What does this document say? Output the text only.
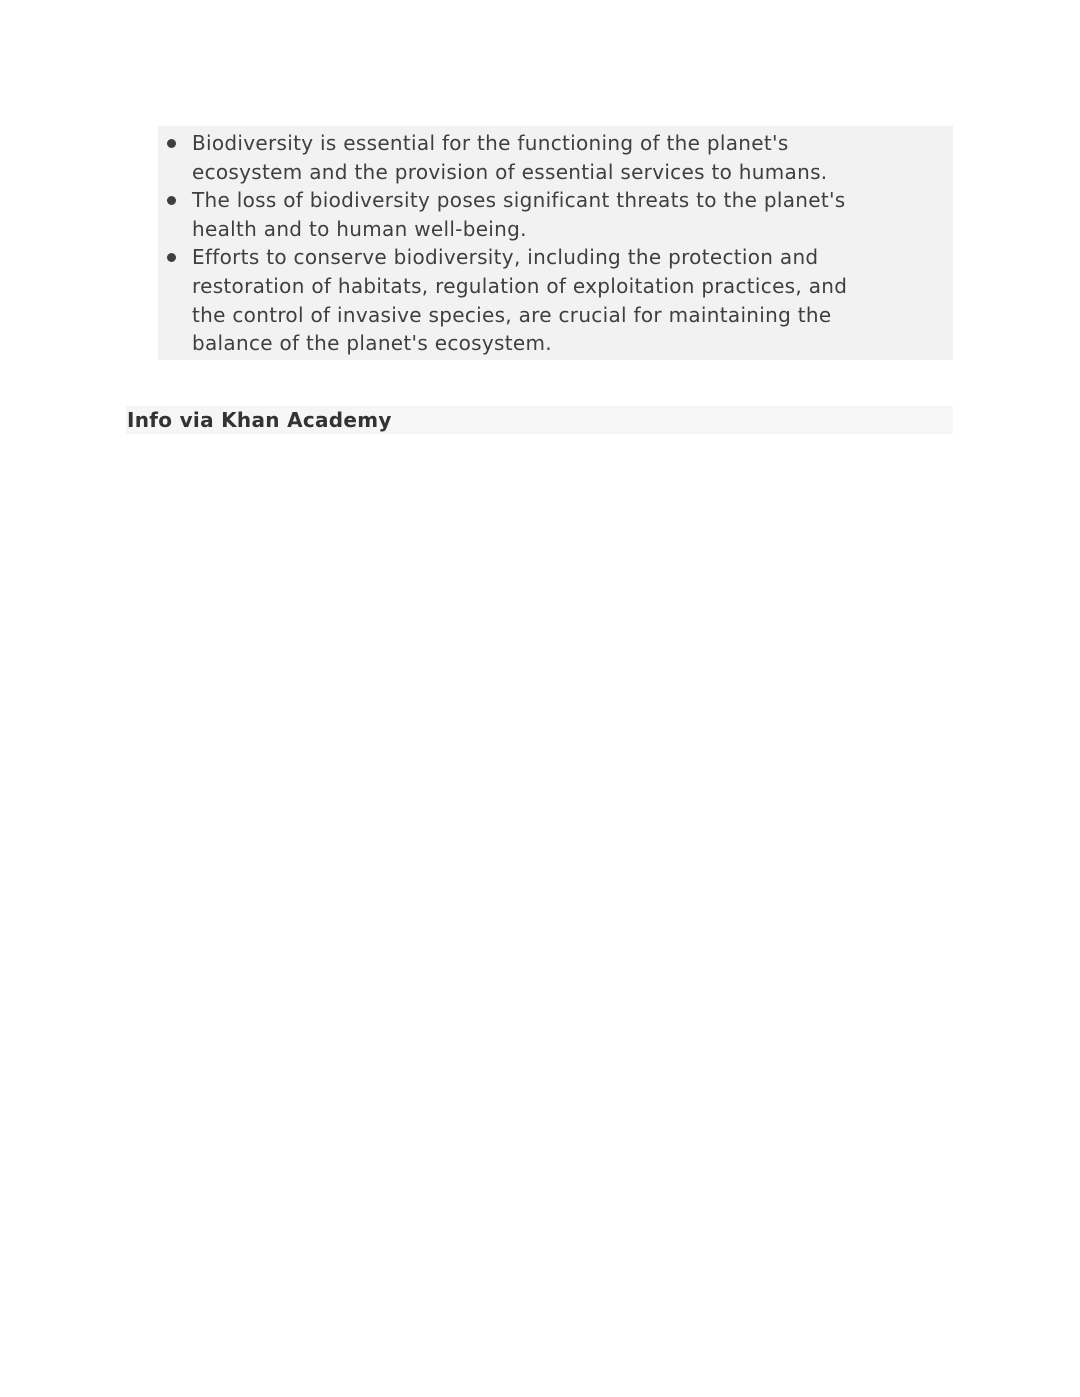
Biodiversity is essential for the functioning of the planet's
ecosystem and the provision of essential services to humans.
The loss of biodiversity poses significant threats to the planet's
health and to human well-being.
Efforts to conserve biodiversity, including the protection and
restoration of habitats, regulation of exploitation practices, and
the control of invasive species, are crucial for maintaining the
balance of the planet's ecosystem.
Info via Khan Academy
